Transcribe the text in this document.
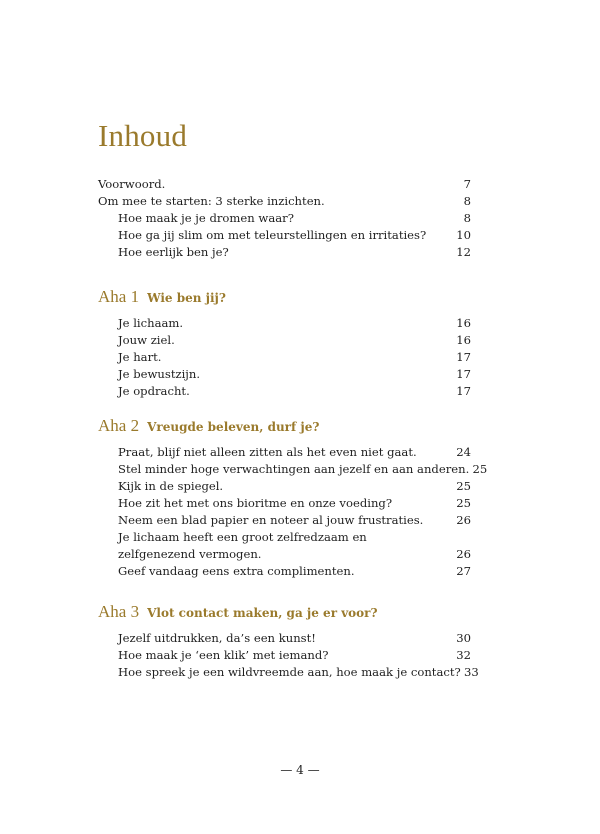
Inhoud
Voorwoord.	7
Om mee te starten: 3 sterke inzichten.	8
Hoe maak je je dromen waar?	8
Hoe ga jij slim om met teleurstellingen en irritaties?	10
Hoe eerlijk ben je?	12
Aha 1 Wie ben jij?
Je lichaam.	16
Jouw ziel.	16
Je hart.	17
Je bewustzijn.	17
Je opdracht.	17
Aha 2 Vreugde beleven, durf je?
Praat, blijf niet alleen zitten als het even niet gaat.	24
Stel minder hoge verwachtingen aan jezelf en aan anderen. 25
Kijk in de spiegel.	25
Hoe zit het met ons bioritme en onze voeding?	25
Neem een blad papier en noteer al jouw frustraties.	26
Je lichaam heeft een groot zelfredzaam en
zelfgenezend vermogen.	26
Geef vandaag eens extra complimenten.	27
Aha 3 Vlot contact maken, ga je er voor?
Jezelf uitdrukken, da’s een kunst!	30
Hoe maak je ‘een klik’ met iemand?	32
Hoe spreek je een wildvreemde aan, hoe maak je contact? 33
— 4 —
